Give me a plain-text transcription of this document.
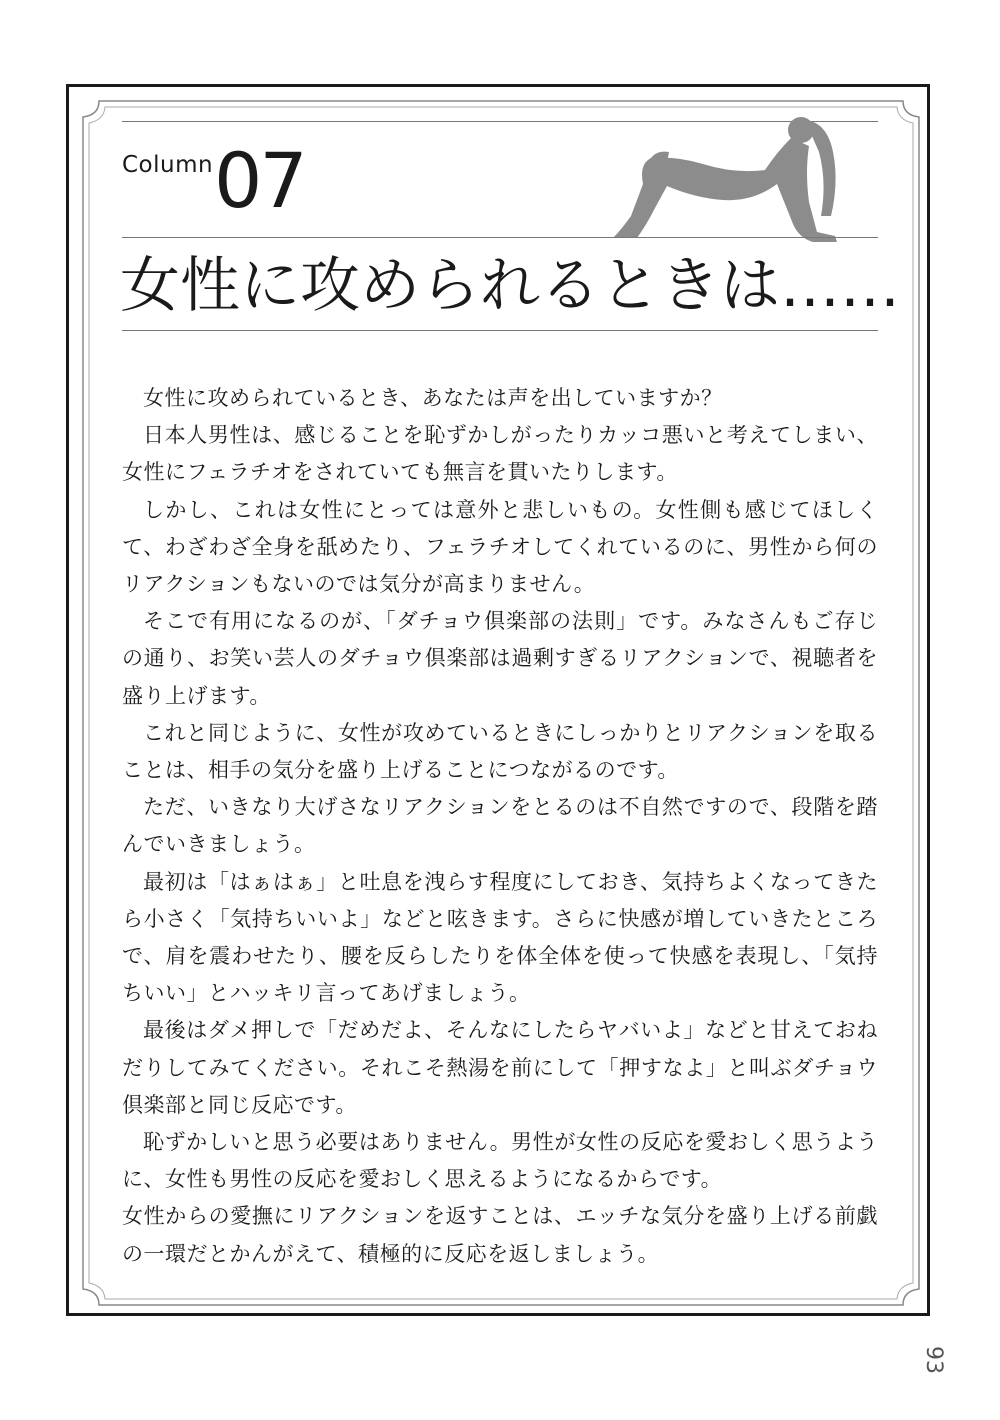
Column 07
女性に攻められるときは……

女性に攻められているとき、あなたは声を出していますか？

日本人男性は、感じることを恥ずかしがったりカッコ悪いと考えてしまい、女性にフェラチオをされていても無言を貫いたりします。

しかし、これは女性にとっては意外と悲しいもの。女性側も感じてほしくて、わざわざ全身を舐めたり、フェラチオしてくれているのに、男性から何のリアクションもないのでは気分が高まりません。

そこで有用になるのが、「ダチョウ倶楽部の法則」です。みなさんもご存じの通り、お笑い芸人のダチョウ倶楽部は過剰すぎるリアクションで、視聴者を盛り上げます。

これと同じように、女性が攻めているときにしっかりとリアクションを取ることは、相手の気分を盛り上げることにつながるのです。

ただ、いきなり大げさなリアクションをとるのは不自然ですので、段階を踏んでいきましょう。

最初は「はぁはぁ」と吐息を洩らす程度にしておき、気持ちよくなってきたら小さく「気持ちいいよ」などと呟きます。さらに快感が増していきたところで、肩を震わせたり、腰を反らしたりを体全体を使って快感を表現し、「気持ちいい」とハッキリ言ってあげましょう。

最後はダメ押しで「だめだよ、そんなにしたらヤバいよ」などと甘えておねだりしてみてください。それこそ熱湯を前にして「押すなよ」と叫ぶダチョウ倶楽部と同じ反応です。

恥ずかしいと思う必要はありません。男性が女性の反応を愛おしく思うように、女性も男性の反応を愛おしく思えるようになるからです。

女性からの愛撫にリアクションを返すことは、エッチな気分を盛り上げる前戯の一環だとかんがえて、積極的に反応を返しましょう。

93
